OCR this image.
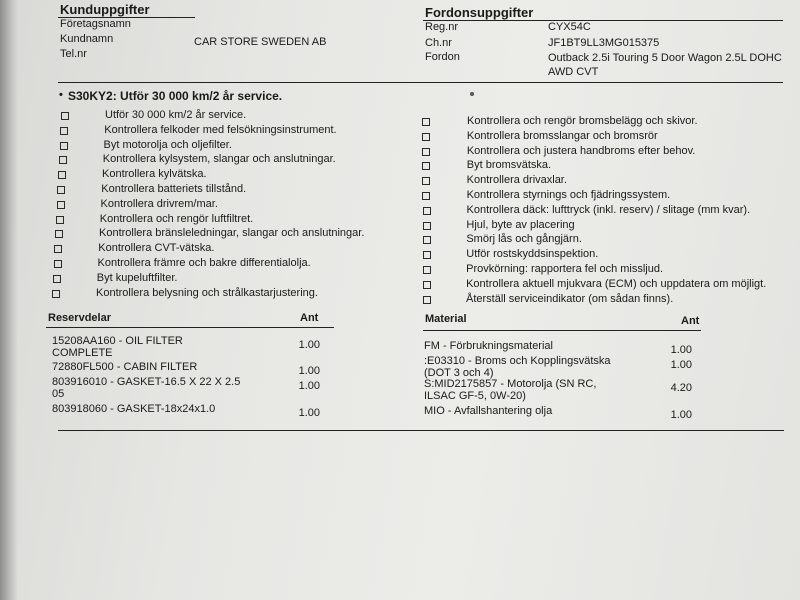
Kunduppgifter
Företagsnamn
Kundnamn	CAR STORE SWEDEN AB
Tel.nr
Fordonsuppgifter
Reg.nr	CYX54C
Ch.nr	JF1BT9LL3MG015375
Fordon	Outback 2.5i Touring 5 Door Wagon 2.5L DOHC
AWD CVT
• S30KY2: Utför 30 000 km/2 år service.
Utför 30 000 km/2 år service.
Kontrollera felkoder med felsökningsinstrument.
Byt motorolja och oljefilter.
Kontrollera kylsystem, slangar och anslutningar.
Kontrollera kylvätska.
Kontrollera batteriets tillstånd.
Kontrollera drivrem/mar.
Kontrollera och rengör luftfiltret.
Kontrollera bränsleledningar, slangar och anslutningar.
Kontrollera CVT-vätska.
Kontrollera främre och bakre differentialolja.
Byt kupeluftfilter.
Kontrollera belysning och strålkastarjustering.
Kontrollera och rengör bromsbelägg och skivor.
Kontrollera bromsslangar och bromsrör
Kontrollera och justera handbroms efter behov.
Byt bromsvätska.
Kontrollera drivaxlar.
Kontrollera styrnings och fjädringssystem.
Kontrollera däck: lufttryck (inkl. reserv) / slitage (mm kvar).
Hjul, byte av placering
Smörj lås och gångjärn.
Utför rostskyddsinspektion.
Provkörning: rapportera fel och missljud.
Kontrollera aktuell mjukvara (ECM) och uppdatera om möjligt.
Återställ serviceindikator (om sådan finns).
Reservdelar	Ant
15208AA160 - OIL FILTER
COMPLETE
1.00
72880FL500 - CABIN FILTER	1.00
803916010 - GASKET-16.5 X 22 X 2.5
05
1.00
803918060 - GASKET-18x24x1.0	1.00
Material	Ant
FM - Förbrukningsmaterial	1.00
:E03310 - Broms och Kopplingsvätska
(DOT 3 och 4)
1.00
S:MID2175857 - Motorolja (SN RC,
ILSAC GF-5, 0W-20)
4.20
MIO - Avfallshantering olja	1.00
